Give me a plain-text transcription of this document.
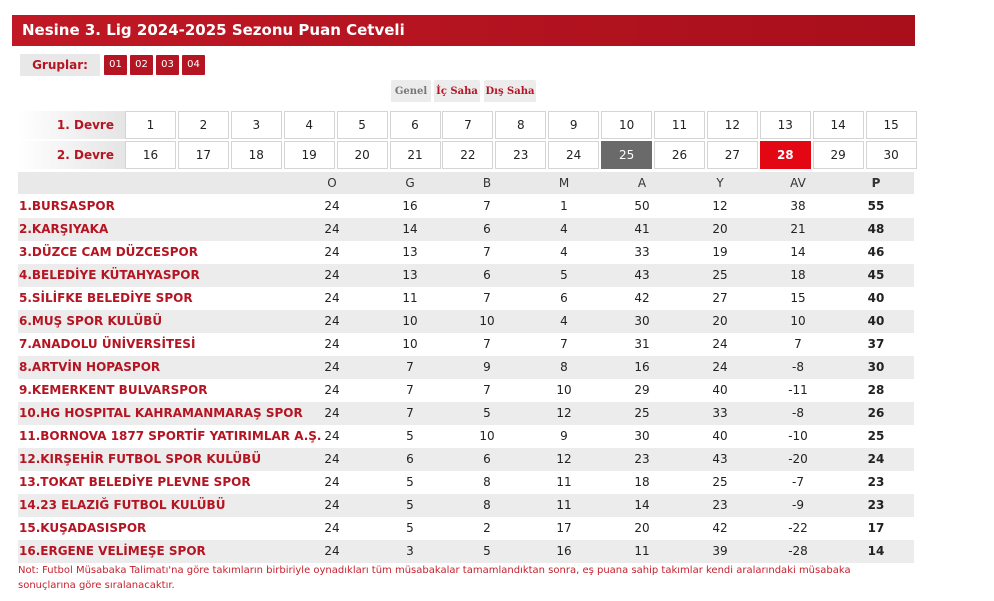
Nesine 3. Lig 2024-2025 Sezonu Puan Cetveli
Gruplar:	01	02	03	04
Genel İç Saha Dış Saha
1. Devre	1	2	3	4	5	6	7	8	9	10	11	12	13	14	15
2. Devre	16	17	18	19	20	21	22	23	24	25	26	27	28	29	30
O	G	B	M	A	Y	AV	P
1.BURSASPOR	24	16	7	1	50	12	38	55
2.KARŞIYAKA	24	14	6	4	41	20	21	48
3.DÜZCE CAM DÜZCESPOR	24	13	7	4	33	19	14	46
4.BELEDİYE KÜTAHYASPOR	24	13	6	5	43	25	18	45
5.SİLİFKE BELEDİYE SPOR	24	11	7	6	42	27	15	40
6.MUŞ SPOR KULÜBÜ	24	10	10	4	30	20	10	40
7.ANADOLU ÜNİVERSİTESİ	24	10	7	7	31	24	7	37
8.ARTVİN HOPASPOR	24	7	9	8	16	24	-8	30
9.KEMERKENT BULVARSPOR	24	7	7	10	29	40	-11	28
10.HG HOSPITAL KAHRAMANMARAŞ SPOR	24	7	5	12	25	33	-8	26
11.BORNOVA 1877 SPORTİF YATIRIMLAR A.Ş. 24	5	10	9	30	40	-10	25
12.KIRŞEHİR FUTBOL SPOR KULÜBÜ	24	6	6	12	23	43	-20	24
13.TOKAT BELEDİYE PLEVNE SPOR	24	5	8	11	18	25	-7	23
14.23 ELAZIĞ FUTBOL KULÜBÜ	24	5	8	11	14	23	-9	23
15.KUŞADASISPOR	24	5	2	17	20	42	-22	17
16.ERGENE VELİMEŞE SPOR	24	3	5	16	11	39	-28	14
Not: Futbol Müsabaka Talimatı'na göre takımların birbiriyle oynadıkları tüm müsabakalar tamamlandıktan sonra, eş puana sahip takımlar kendi aralarındaki müsabaka sonuçlarına göre sıralanacaktır.
